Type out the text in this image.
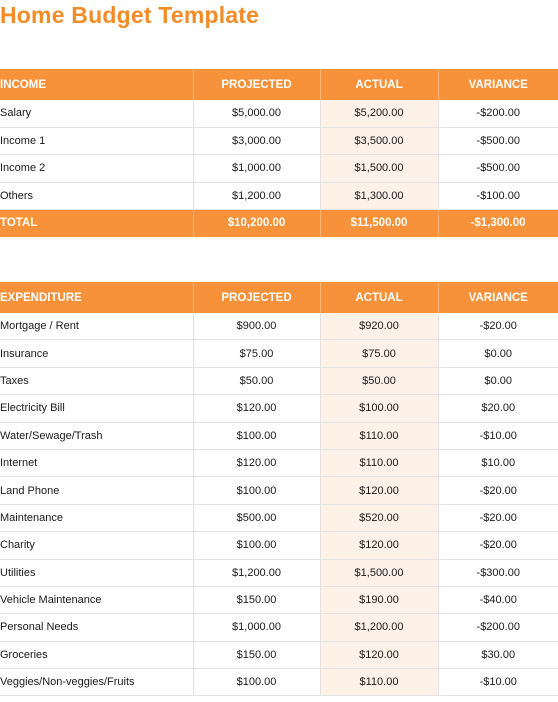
Home Budget Template
INCOME	PROJECTED	ACTUAL	VARIANCE
Salary	$5,000.00	$5,200.00	-$200.00
Income 1	$3,000.00	$3,500.00	-$500.00
Income 2	$1,000.00	$1,500.00	-$500.00
Others	$1,200.00	$1,300.00	-$100.00
TOTAL	$10,200.00	$11,500.00	-$1,300.00
EXPENDITURE	PROJECTED	ACTUAL	VARIANCE
Mortgage / Rent	$900.00	$920.00	-$20.00
Insurance	$75.00	$75.00	$0.00
Taxes	$50.00	$50.00	$0.00
Electricity Bill	$120.00	$100.00	$20.00
Water/Sewage/Trash	$100.00	$110.00	-$10.00
Internet	$120.00	$110.00	$10.00
Land Phone	$100.00	$120.00	-$20.00
Maintenance	$500.00	$520.00	-$20.00
Charity	$100.00	$120.00	-$20.00
Utilities	$1,200.00	$1,500.00	-$300.00
Vehicle Maintenance	$150.00	$190.00	-$40.00
Personal Needs	$1,000.00	$1,200.00	-$200.00
Groceries	$150.00	$120.00	$30.00
Veggies/Non-veggies/Fruits	$100.00	$110.00	-$10.00
